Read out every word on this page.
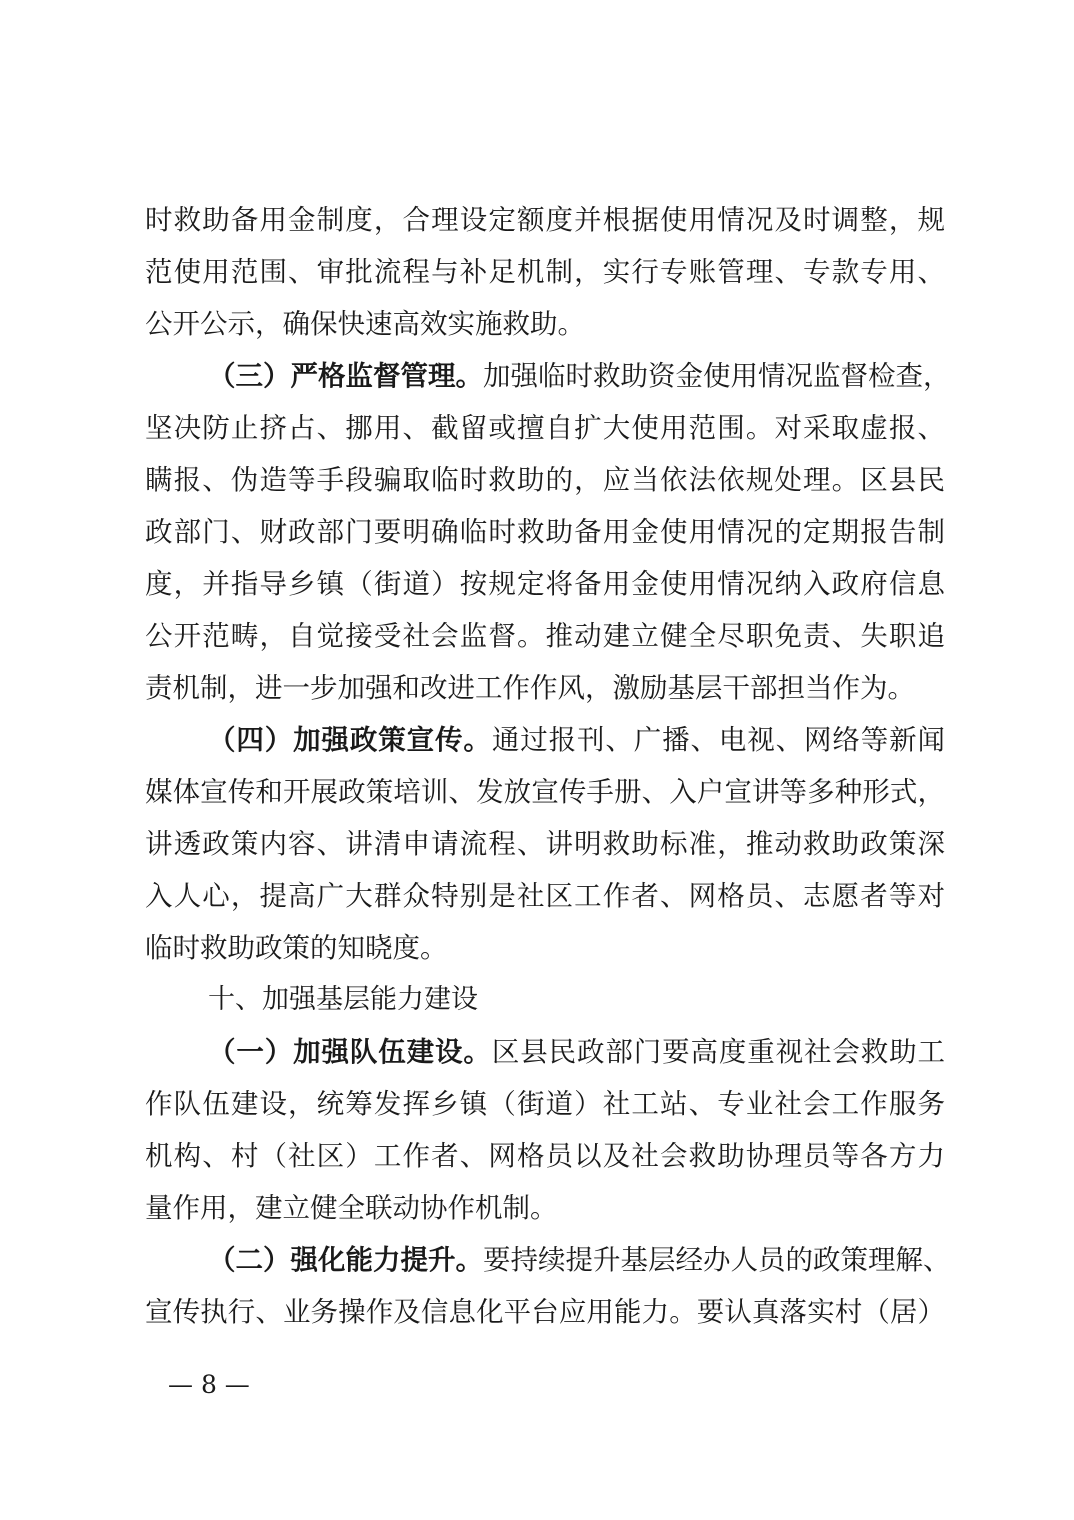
时救助备用金制度，合理设定额度并根据使用情况及时调整，规
范使用范围、审批流程与补足机制，实行专账管理、专款专用、
公开公示，确保快速高效实施救助。
（三）严格监督管理。加强临时救助资金使用情况监督检查，
坚决防止挤占、挪用、截留或擅自扩大使用范围。对采取虚报、
瞒报、伪造等手段骗取临时救助的，应当依法依规处理。区县民
政部门、财政部门要明确临时救助备用金使用情况的定期报告制
度，并指导乡镇（街道）按规定将备用金使用情况纳入政府信息
公开范畴，自觉接受社会监督。推动建立健全尽职免责、失职追
责机制，进一步加强和改进工作作风，激励基层干部担当作为。
（四）加强政策宣传。通过报刊、广播、电视、网络等新闻
媒体宣传和开展政策培训、发放宣传手册、入户宣讲等多种形式，
讲透政策内容、讲清申请流程、讲明救助标准，推动救助政策深
入人心，提高广大群众特别是社区工作者、网格员、志愿者等对
临时救助政策的知晓度。
十、加强基层能力建设
（一）加强队伍建设。区县民政部门要高度重视社会救助工
作队伍建设，统筹发挥乡镇（街道）社工站、专业社会工作服务
机构、村（社区）工作者、网格员以及社会救助协理员等各方力
量作用，建立健全联动协作机制。
（二）强化能力提升。要持续提升基层经办人员的政策理解、
宣传执行、业务操作及信息化平台应用能力。要认真落实村（居）
— 8 —
